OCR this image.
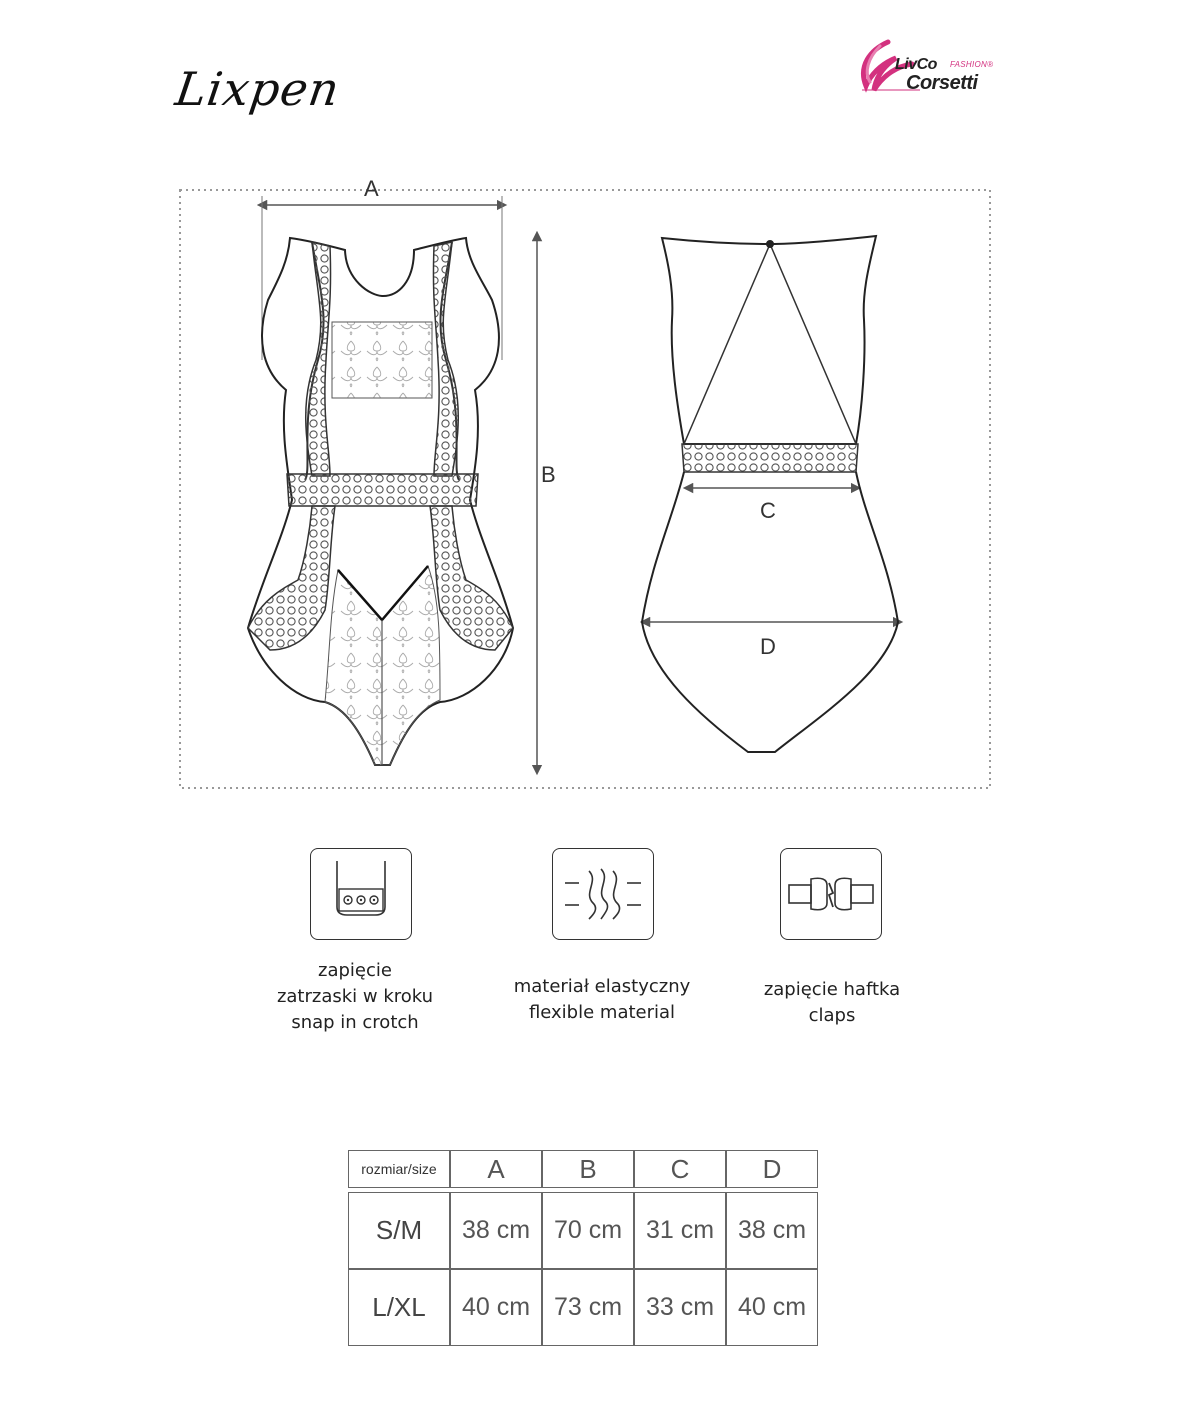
Lixpen	LivCo FASHION®
Corsetti
A
B
C
D
zapięcie
zatrzaski w kroku
snap in crotch
materiał elastyczny
flexible material
zapięcie haftka
claps
rozmiar/size	A	B	C	D

S/M	38 cm	70 cm	31 cm	38 cm
L/XL	40 cm	73 cm	33 cm	40 cm
